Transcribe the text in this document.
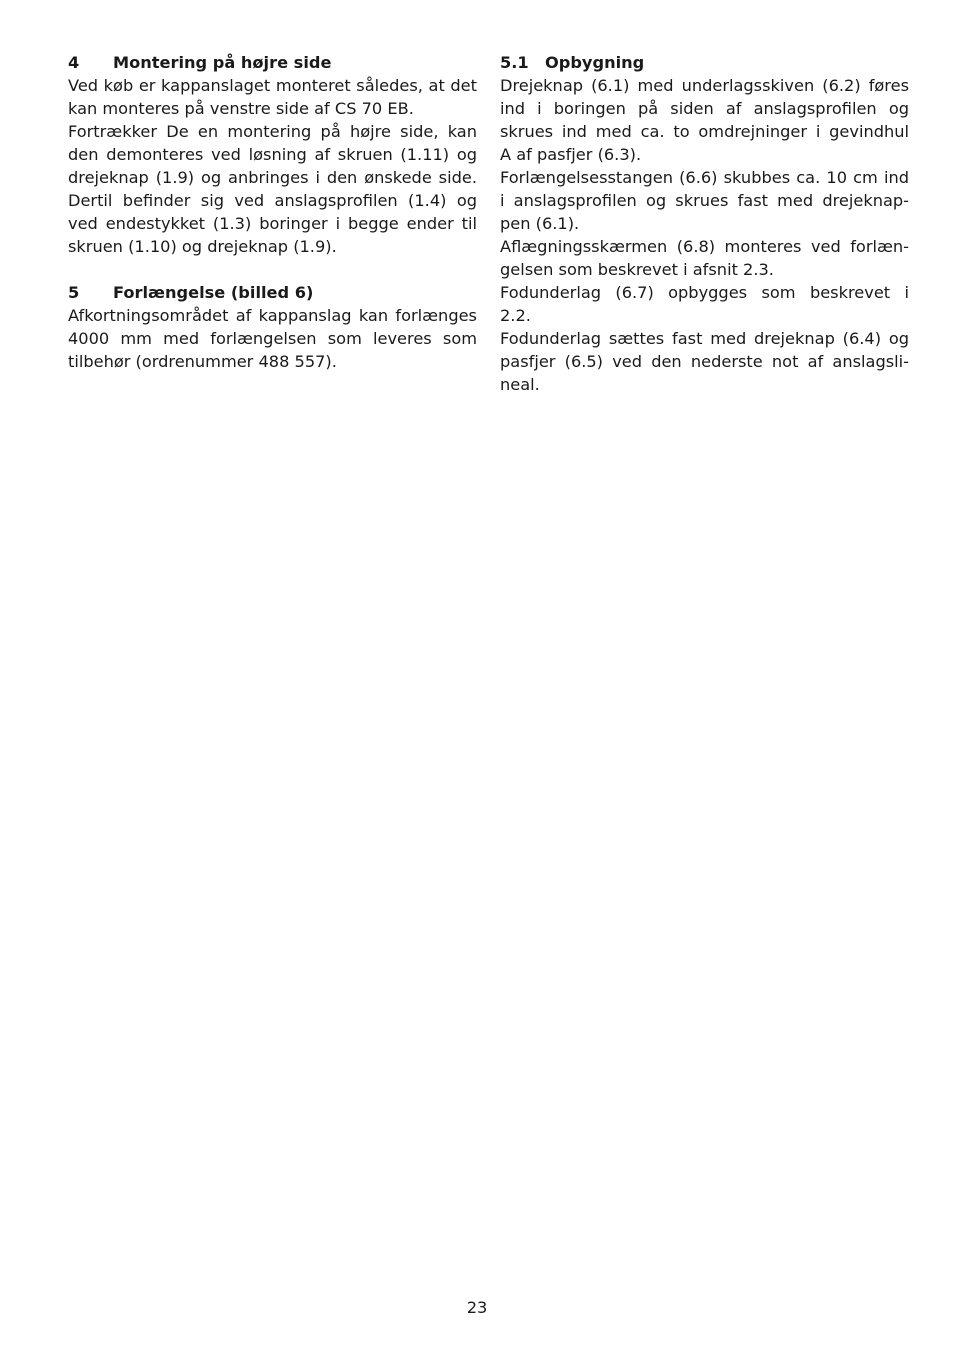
4	Montering på højre side
Ved køb er kappanslaget monteret således, at det
kan monteres på venstre side af CS 70 EB.
Fortrækker De en montering på højre side, kan
den demonteres ved løsning af skruen (1.11) og
drejeknap (1.9) og anbringes i den ønskede side.
Dertil befinder sig ved anslagsprofilen (1.4) og
ved endestykket (1.3) boringer i begge ender til
skruen (1.10) og drejeknap (1.9).
5	Forlængelse (billed 6)
Afkortningsområdet af kappanslag kan forlænges
4000 mm med forlængelsen som leveres som
tilbehør (ordrenummer 488 557).
5.1	Opbygning
Drejeknap (6.1) med underlagsskiven (6.2) føres
ind i boringen på siden af anslagsprofilen og
skrues ind med ca. to omdrejninger i gevindhul
A af pasfjer (6.3).
Forlængelsesstangen (6.6) skubbes ca. 10 cm ind
i anslagsprofilen og skrues fast med drejeknap-
pen (6.1).
Aflægningsskærmen (6.8) monteres ved forlæn-
gelsen som beskrevet i afsnit 2.3.
Fodunderlag (6.7) opbygges som beskrevet i
2.2.
Fodunderlag sættes fast med drejeknap (6.4) og
pasfjer (6.5) ved den nederste not af anslagsli-
neal.
23
